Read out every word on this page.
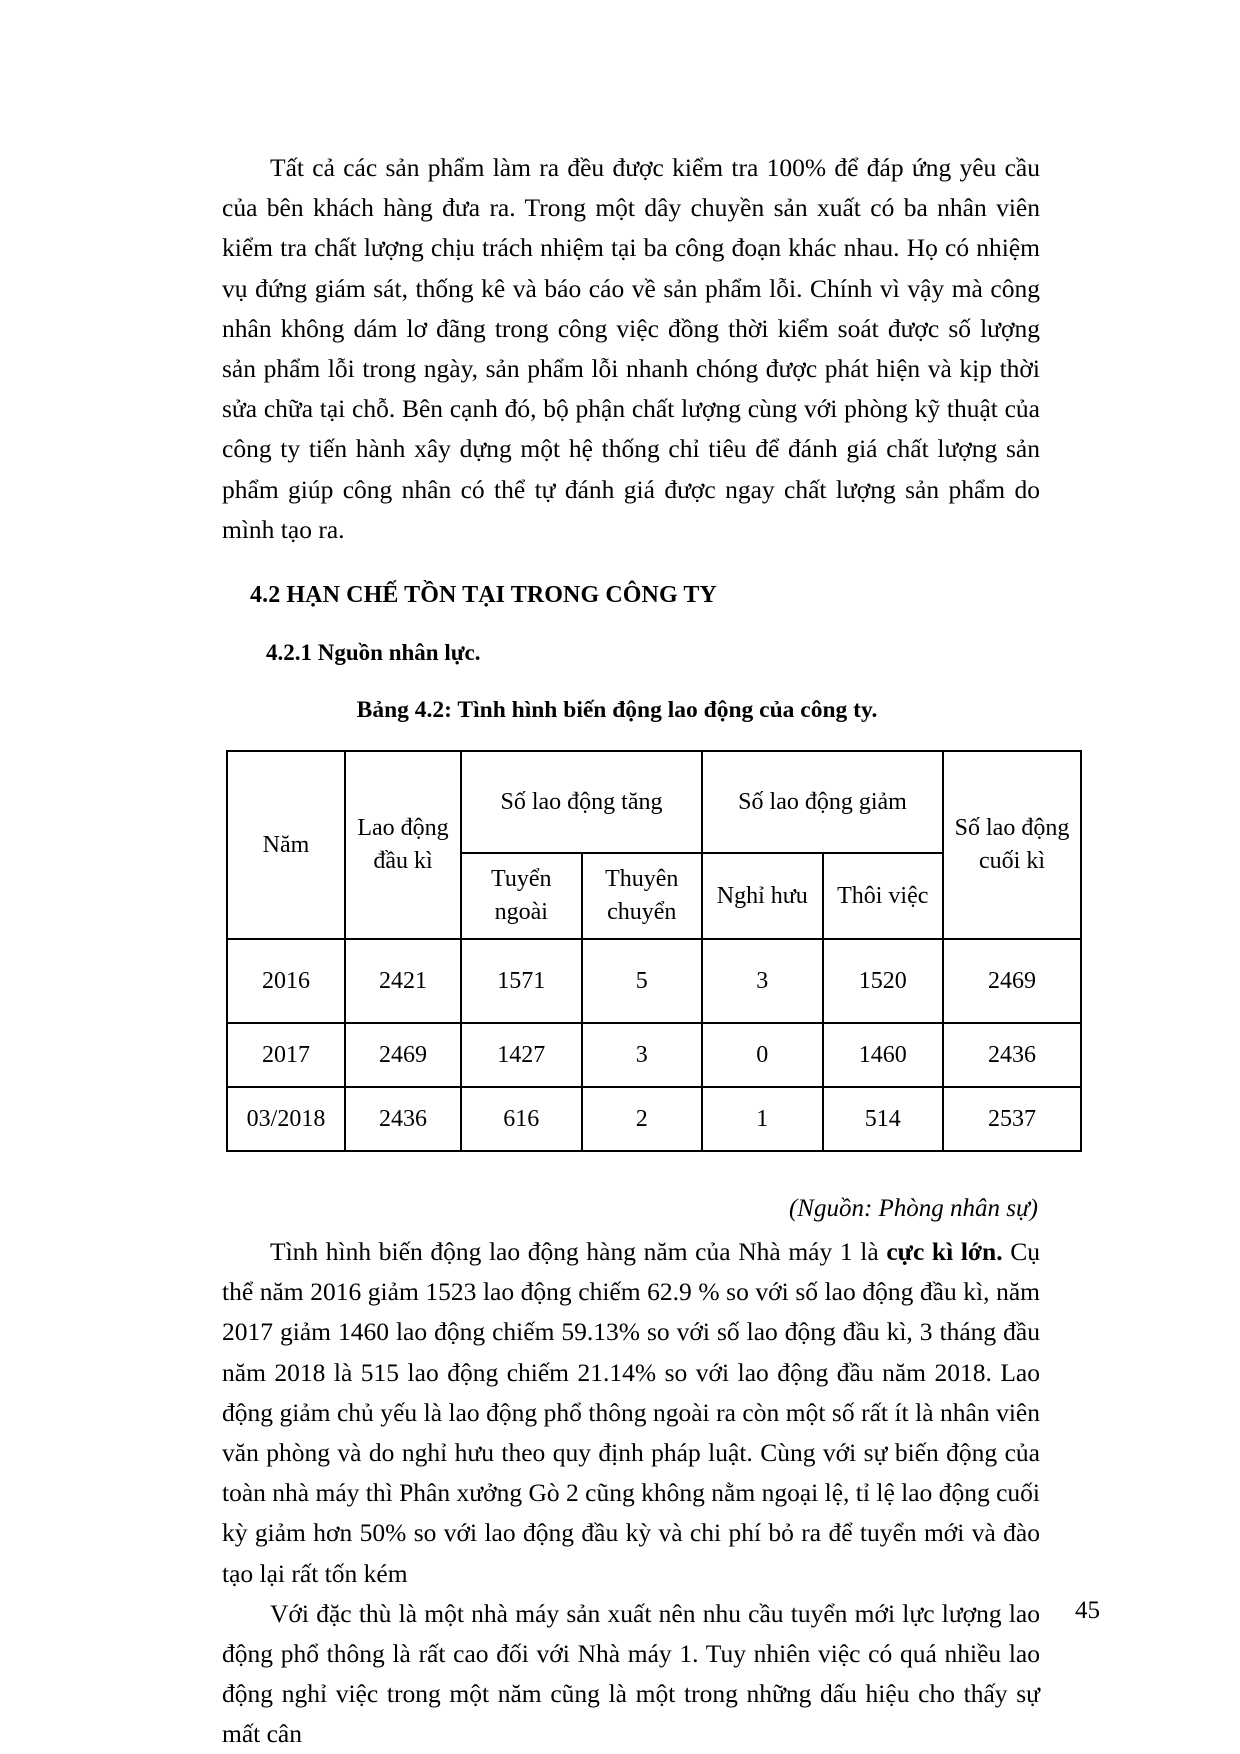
Tất cả các sản phẩm làm ra đều được kiểm tra 100% để đáp ứng yêu cầu của bên khách hàng đưa ra. Trong một dây chuyền sản xuất có ba nhân viên kiểm tra chất lượng chịu trách nhiệm tại ba công đoạn khác nhau. Họ có nhiệm vụ đứng giám sát, thống kê và báo cáo về sản phẩm lỗi. Chính vì vậy mà công nhân không dám lơ đãng trong công việc đồng thời kiểm soát được số lượng sản phẩm lỗi trong ngày, sản phẩm lỗi nhanh chóng được phát hiện và kịp thời sửa chữa tại chỗ. Bên cạnh đó, bộ phận chất lượng cùng với phòng kỹ thuật của công ty tiến hành xây dựng một hệ thống chỉ tiêu để đánh giá chất lượng sản phẩm giúp công nhân có thể tự đánh giá được ngay chất lượng sản phẩm do mình tạo ra.

4.2 HẠN CHẾ TỒN TẠI TRONG CÔNG TY
4.2.1 Nguồn nhân lực.
Bảng 4.2: Tình hình biến động lao động của công ty.
Năm	Lao động đầu kì	Số lao động tăng		Số lao động giảm		Số lao động cuối kì
		Tuyển ngoài	Thuyên chuyển	Nghỉ hưu	Thôi việc	
2016	2421	1571	5	3	1520	2469
2017	2469	1427	3	0	1460	2436
03/2018	2436	616	2	1	514	2537
(Nguồn: Phòng nhân sự)

Tình hình biến động lao động hàng năm của Nhà máy 1 là cực kì lớn. Cụ thể năm 2016 giảm 1523 lao động chiếm 62.9 % so với số lao động đầu kì, năm 2017 giảm 1460 lao động chiếm 59.13% so với số lao động đầu kì, 3 tháng đầu năm 2018 là 515 lao động chiếm 21.14% so với lao động đầu năm 2018. Lao động giảm chủ yếu là lao động phổ thông ngoài ra còn một số rất ít là nhân viên văn phòng và do nghỉ hưu theo quy định pháp luật. Cùng với sự biến động của toàn nhà máy thì Phân xưởng Gò 2 cũng không nằm ngoại lệ, tỉ lệ lao động cuối kỳ giảm hơn 50% so với lao động đầu kỳ và chi phí bỏ ra để tuyển mới và đào tạo lại rất tốn kém

Với đặc thù là một nhà máy sản xuất nên nhu cầu tuyển mới lực lượng lao động phổ thông là rất cao đối với Nhà máy 1. Tuy nhiên việc có quá nhiều lao động nghỉ việc trong một năm cũng là một trong những dấu hiệu cho thấy sự mất cân

45
